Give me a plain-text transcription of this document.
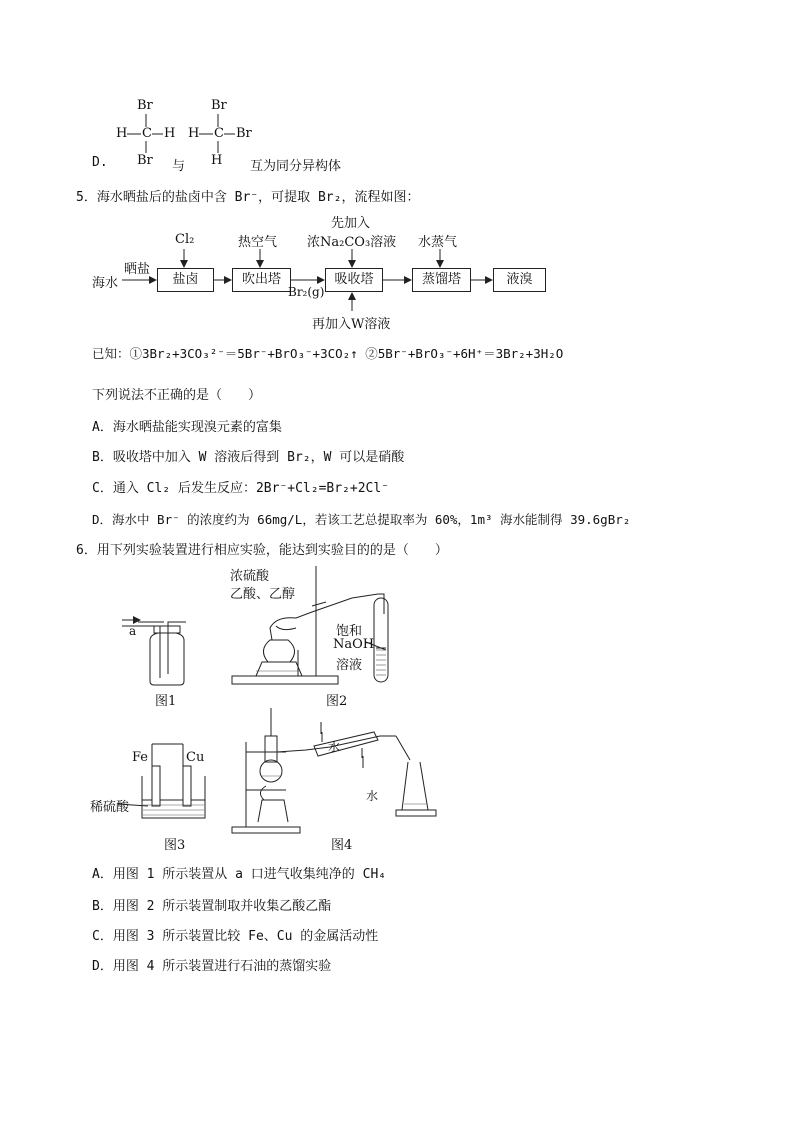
Br
H C H
Br
Br
H C Br
H
D.	与	互为同分异构体
5．海水晒盐后的盐卤中含 Br⁻，可提取 Br₂，流程如图：
海水
晒盐
盐卤	吹出塔	吸收塔	蒸馏塔	液溴
Cl₂	热空气
先加入
浓Na₂CO₃溶液 水蒸气
Br₂(g)
再加入W溶液
已知：①3Br₂+3CO₃²⁻＝5Br⁻+BrO₃⁻+3CO₂↑ ②5Br⁻+BrO₃⁻+6H⁺＝3Br₂+3H₂O
下列说法不正确的是（　　）
A．海水晒盐能实现溴元素的富集
B．吸收塔中加入 W 溶液后得到 Br₂，W 可以是硝酸
C．通入 Cl₂ 后发生反应：2Br⁻+Cl₂=Br₂+2Cl⁻
D．海水中 Br⁻ 的浓度约为 66mg/L，若该工艺总提取率为 60%，1m³ 海水能制得 39.6gBr₂
6．用下列实验装置进行相应实验，能达到实验目的的是（　　）
a
图1
浓硫酸
乙酸、乙醇
饱和
NaOH
溶液
图2
Fe	Cu
稀硫酸
图3
水
水
图4
A．用图 1 所示装置从 a 口进气收集纯净的 CH₄
B．用图 2 所示装置制取并收集乙酸乙酯
C．用图 3 所示装置比较 Fe、Cu 的金属活动性
D．用图 4 所示装置进行石油的蒸馏实验
